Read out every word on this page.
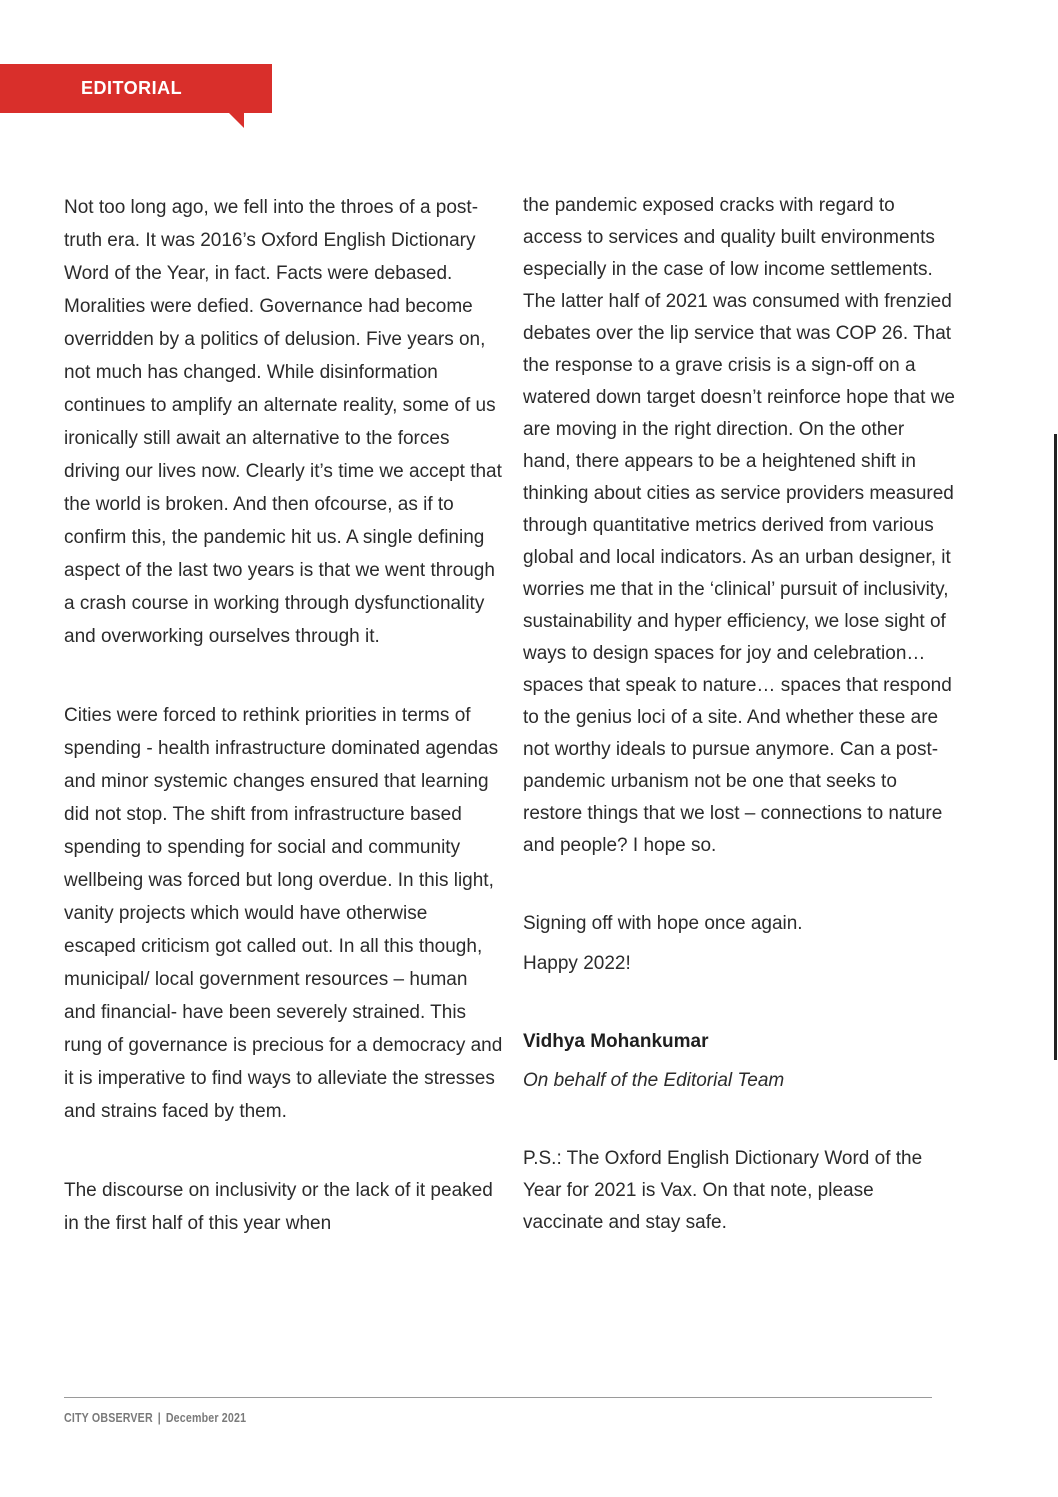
EDITORIAL

Not too long ago, we fell into the throes of a post-truth era. It was 2016’s Oxford English Dictionary Word of the Year, in fact. Facts were debased. Moralities were defied. Governance had become overridden by a politics of delusion. Five years on, not much has changed. While disinformation continues to amplify an alternate reality, some of us ironically still await an alternative to the forces driving our lives now. Clearly it’s time we accept that the world is broken. And then ofcourse, as if to confirm this, the pandemic hit us. A single defining aspect of the last two years is that we went through a crash course in working through dysfunctionality and overworking ourselves through it.

Cities were forced to rethink priorities in terms of spending - health infrastructure dominated agendas and minor systemic changes ensured that learning did not stop. The shift from infrastructure based spending to spending for social and community wellbeing was forced but long overdue. In this light, vanity projects which would have otherwise escaped criticism got called out. In all this though, municipal/ local government resources – human and financial- have been severely strained. This rung of governance is precious for a democracy and it is imperative to find ways to alleviate the stresses and strains faced by them.

The discourse on inclusivity or the lack of it peaked in the first half of this year when

the pandemic exposed cracks with regard to access to services and quality built environments especially in the case of low income settlements. The latter half of 2021 was consumed with frenzied debates over the lip service that was COP 26. That the response to a grave crisis is a sign-off on a watered down target doesn’t reinforce hope that we are moving in the right direction. On the other hand, there appears to be a heightened shift in thinking about cities as service providers measured through quantitative metrics derived from various global and local indicators. As an urban designer, it worries me that in the ‘clinical’ pursuit of inclusivity, sustainability and hyper efficiency, we lose sight of ways to design spaces for joy and celebration… spaces that speak to nature… spaces that respond to the genius loci of a site. And whether these are not worthy ideals to pursue anymore. Can a post-pandemic urbanism not be one that seeks to restore things that we lost – connections to nature and people? I hope so.

Signing off with hope once again.

Happy 2022!

Vidhya Mohankumar

On behalf of the Editorial Team

P.S.: The Oxford English Dictionary Word of the Year for 2021 is Vax. On that note, please vaccinate and stay safe.

CITY OBSERVER | December 2021
